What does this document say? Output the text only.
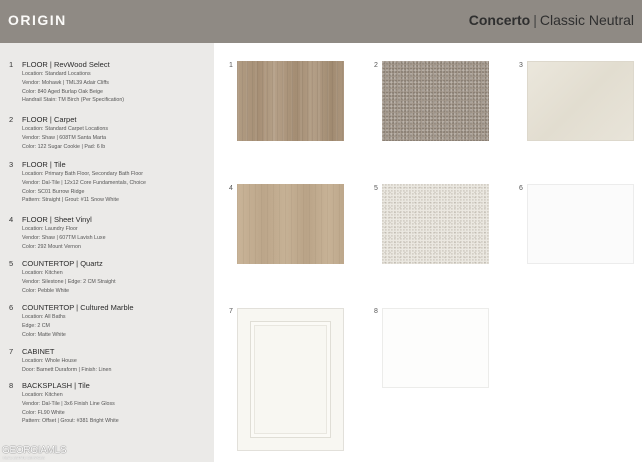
ORIGIN	Concerto | Classic Neutral
1 FLOOR | RevWood Select
Location: Standard Locations
Vendor: Mohawk | TML39 Adair Cliffs
Color: 840 Aged Burlap Oak Beige
Handrail Stain: TM Birch (Per Specification)
2 FLOOR | Carpet
Location: Standard Carpet Locations
Vendor: Shaw | 608TM Santa Marta
Color: 122 Sugar Cookie | Pad: 6 lb
3 FLOOR | Tile
Location: Primary Bath Floor, Secondary Bath Floor
Vendor: Dal-Tile | 12x12 Core Fundamentals, Choice
Color: SC01 Burrow Ridge
Pattern: Straight | Grout: #11 Snow White
4 FLOOR | Sheet Vinyl
Location: Laundry Floor
Vendor: Shaw | 607TM Lavish Luxe
Color: 292 Mount Vernon
5 COUNTERTOP | Quartz
Location: Kitchen
Vendor: Silestone | Edge: 2 CM Straight
Color: Pebble White
6 COUNTERTOP | Cultured Marble
Location: All Baths
Edge: 2 CM
Color: Matte White
7 CABINET
Location: Whole House
Door: Barnett Duraform | Finish: Linen
8 BACKSPLASH | Tile
Location: Kitchen
Vendor: Dal-Tile | 3x6 Finish Line Gloss
Color: FL90 White
Pattern: Offset | Grout: #381 Bright White
GEORGIAMLS
REAL ESTATE SERVICES
1	2	3
4	5	6
7	8
